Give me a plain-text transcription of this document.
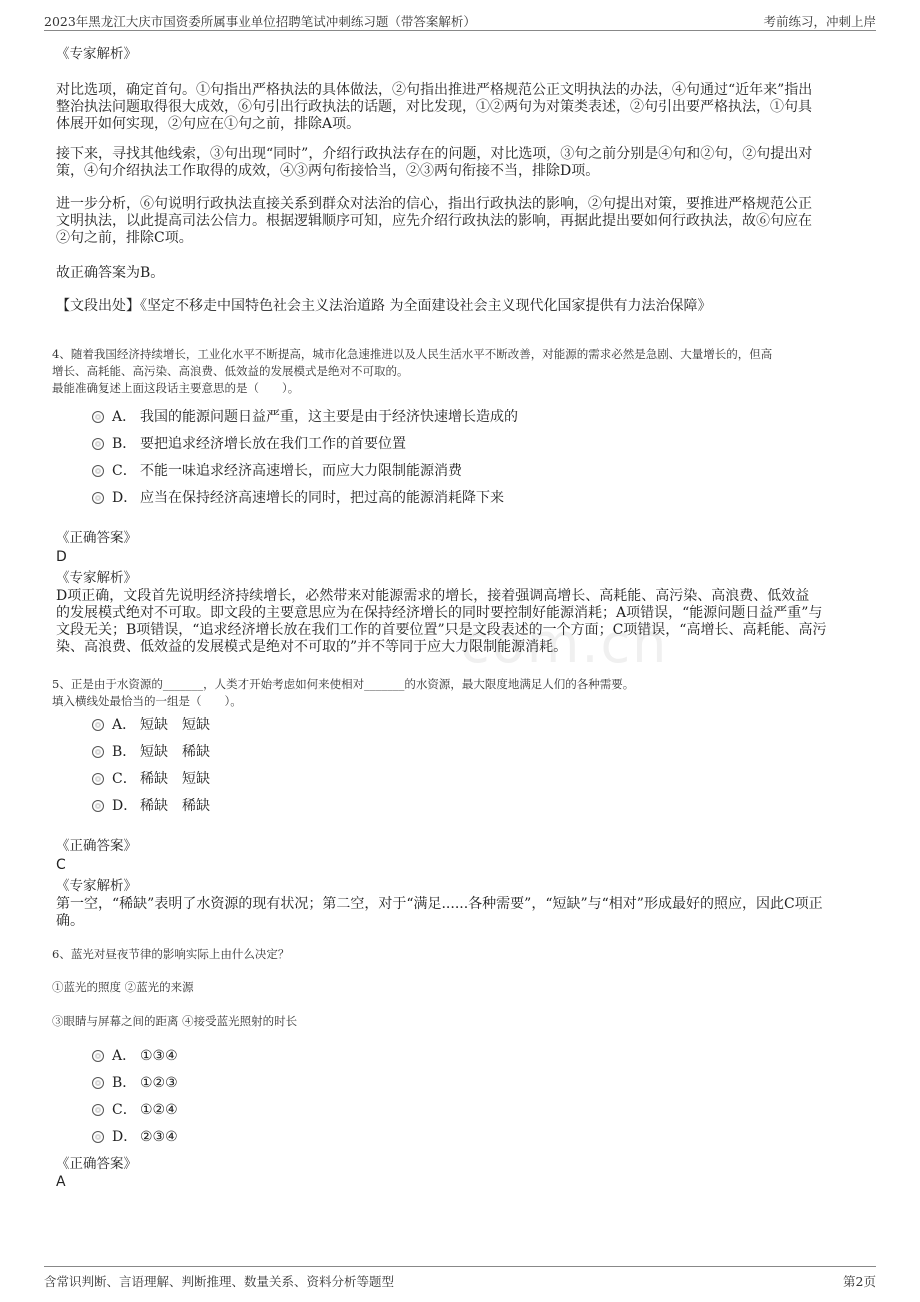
com.cn
2023年黑龙江大庆市国资委所属事业单位招聘笔试冲刺练习题（带答案解析）	考前练习，冲刺上岸
《专家解析》
对比选项，确定首句。①句指出严格执法的具体做法，②句指出推进严格规范公正文明执法的办法，④句通过“近年来”指出
整治执法问题取得很大成效，⑥句引出行政执法的话题，对比发现，①②两句为对策类表述，②句引出要严格执法，①句具
体展开如何实现，②句应在①句之前，排除A项。
接下来，寻找其他线索，③句出现“同时”，介绍行政执法存在的问题，对比选项，③句之前分别是④句和②句，②句提出对
策，④句介绍执法工作取得的成效，④③两句衔接恰当，②③两句衔接不当，排除D项。
进一步分析，⑥句说明行政执法直接关系到群众对法治的信心，指出行政执法的影响，②句提出对策，要推进严格规范公正
文明执法，以此提高司法公信力。根据逻辑顺序可知，应先介绍行政执法的影响，再据此提出要如何行政执法，故⑥句应在
②句之前，排除C项。
故正确答案为B。
【文段出处】《坚定不移走中国特色社会主义法治道路 为全面建设社会主义现代化国家提供有力法治保障》
4、随着我国经济持续增长，工业化水平不断提高，城市化急速推进以及人民生活水平不断改善，对能源的需求必然是急剧、大量增长的，但高
增长、高耗能、高污染、高浪费、低效益的发展模式是绝对不可取的。
最能准确复述上面这段话主要意思的是（　　）。
A． 我国的能源问题日益严重，这主要是由于经济快速增长造成的
B． 要把追求经济增长放在我们工作的首要位置
C． 不能一味追求经济高速增长，而应大力限制能源消费
D． 应当在保持经济高速增长的同时，把过高的能源消耗降下来
《正确答案》
D
《专家解析》
D项正确，文段首先说明经济持续增长，必然带来对能源需求的增长，接着强调高增长、高耗能、高污染、高浪费、低效益
的发展模式绝对不可取。即文段的主要意思应为在保持经济增长的同时要控制好能源消耗；A项错误，“能源问题日益严重”与
文段无关；B项错误，“追求经济增长放在我们工作的首要位置”只是文段表述的一个方面；C项错误，“高增长、高耗能、高污
染、高浪费、低效益的发展模式是绝对不可取的”并不等同于应大力限制能源消耗。
5、正是由于水资源的_______，人类才开始考虑如何来使相对_______的水资源，最大限度地满足人们的各种需要。
填入横线处最恰当的一组是（　　）。
A． 短缺　短缺
B． 短缺　稀缺
C． 稀缺　短缺
D． 稀缺　稀缺
《正确答案》
C
《专家解析》
第一空，“稀缺”表明了水资源的现有状况；第二空，对于“满足......各种需要”，“短缺”与“相对”形成最好的照应，因此C项正
确。
6、蓝光对昼夜节律的影响实际上由什么决定？
①蓝光的照度 ②蓝光的来源
③眼睛与屏幕之间的距离 ④接受蓝光照射的时长
A． ①③④
B． ①②③
C． ①②④
D． ②③④
《正确答案》
A
含常识判断、言语理解、判断推理、数量关系、资料分析等题型	第2页
